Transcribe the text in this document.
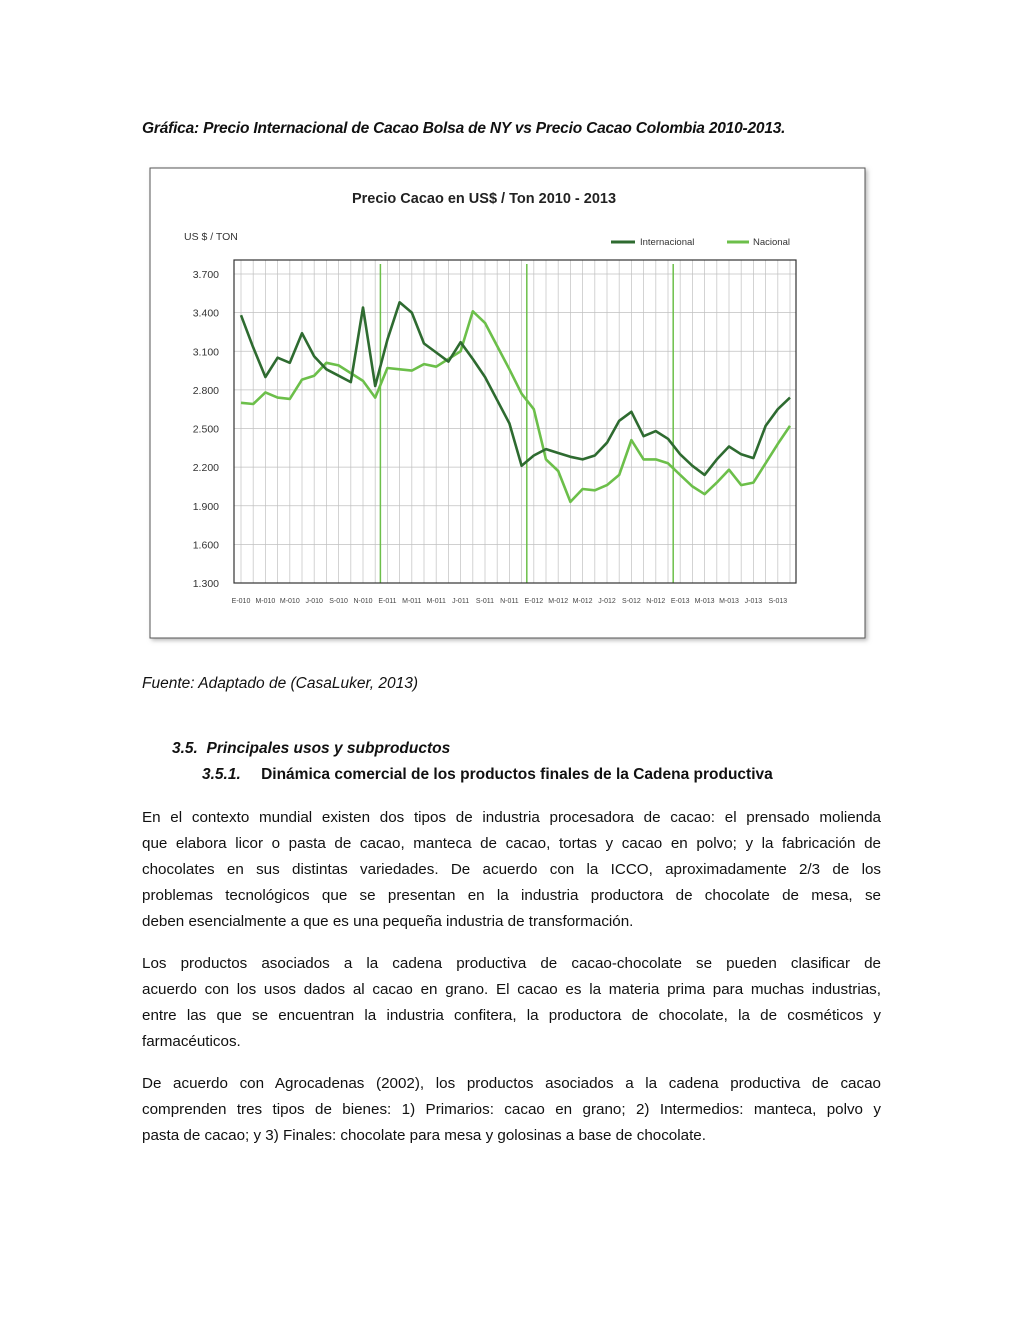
Gráfica: Precio Internacional de Cacao Bolsa de NY vs Precio Cacao Colombia 2010-2013.
Precio Cacao en US$ / Ton 2010 - 2013
US $ / TON	Internacional	Nacional
1.300
1.600
1.900
2.200
2.500
2.800
3.100
3.400
3.700
E-010 M-010 M-010 J-010 S-010 N-010 E-011 M-011 M-011 J-011 S-011 N-011 E-012 M-012 M-012 J-012 S-012 N-012 E-013 M-013 M-013 J-013 S-013
Fuente: Adaptado de (CasaLuker, 2013)
3.5. Principales usos y subproductos
3.5.1. Dinámica comercial de los productos finales de la Cadena productiva
En el contexto mundial existen dos tipos de industria procesadora de cacao: el prensado molienda
que elabora licor o pasta de cacao, manteca de cacao, tortas y cacao en polvo; y la fabricación de
chocolates en sus distintas variedades. De acuerdo con la ICCO, aproximadamente 2/3 de los
problemas tecnológicos que se presentan en la industria productora de chocolate de mesa, se
deben esencialmente a que es una pequeña industria de transformación.
Los productos asociados a la cadena productiva de cacao-chocolate se pueden clasificar de
acuerdo con los usos dados al cacao en grano. El cacao es la materia prima para muchas industrias,
entre las que se encuentran la industria confitera, la productora de chocolate, la de cosméticos y
farmacéuticos.
De acuerdo con Agrocadenas (2002), los productos asociados a la cadena productiva de cacao
comprenden tres tipos de bienes: 1) Primarios: cacao en grano; 2) Intermedios: manteca, polvo y
pasta de cacao; y 3) Finales: chocolate para mesa y golosinas a base de chocolate.
